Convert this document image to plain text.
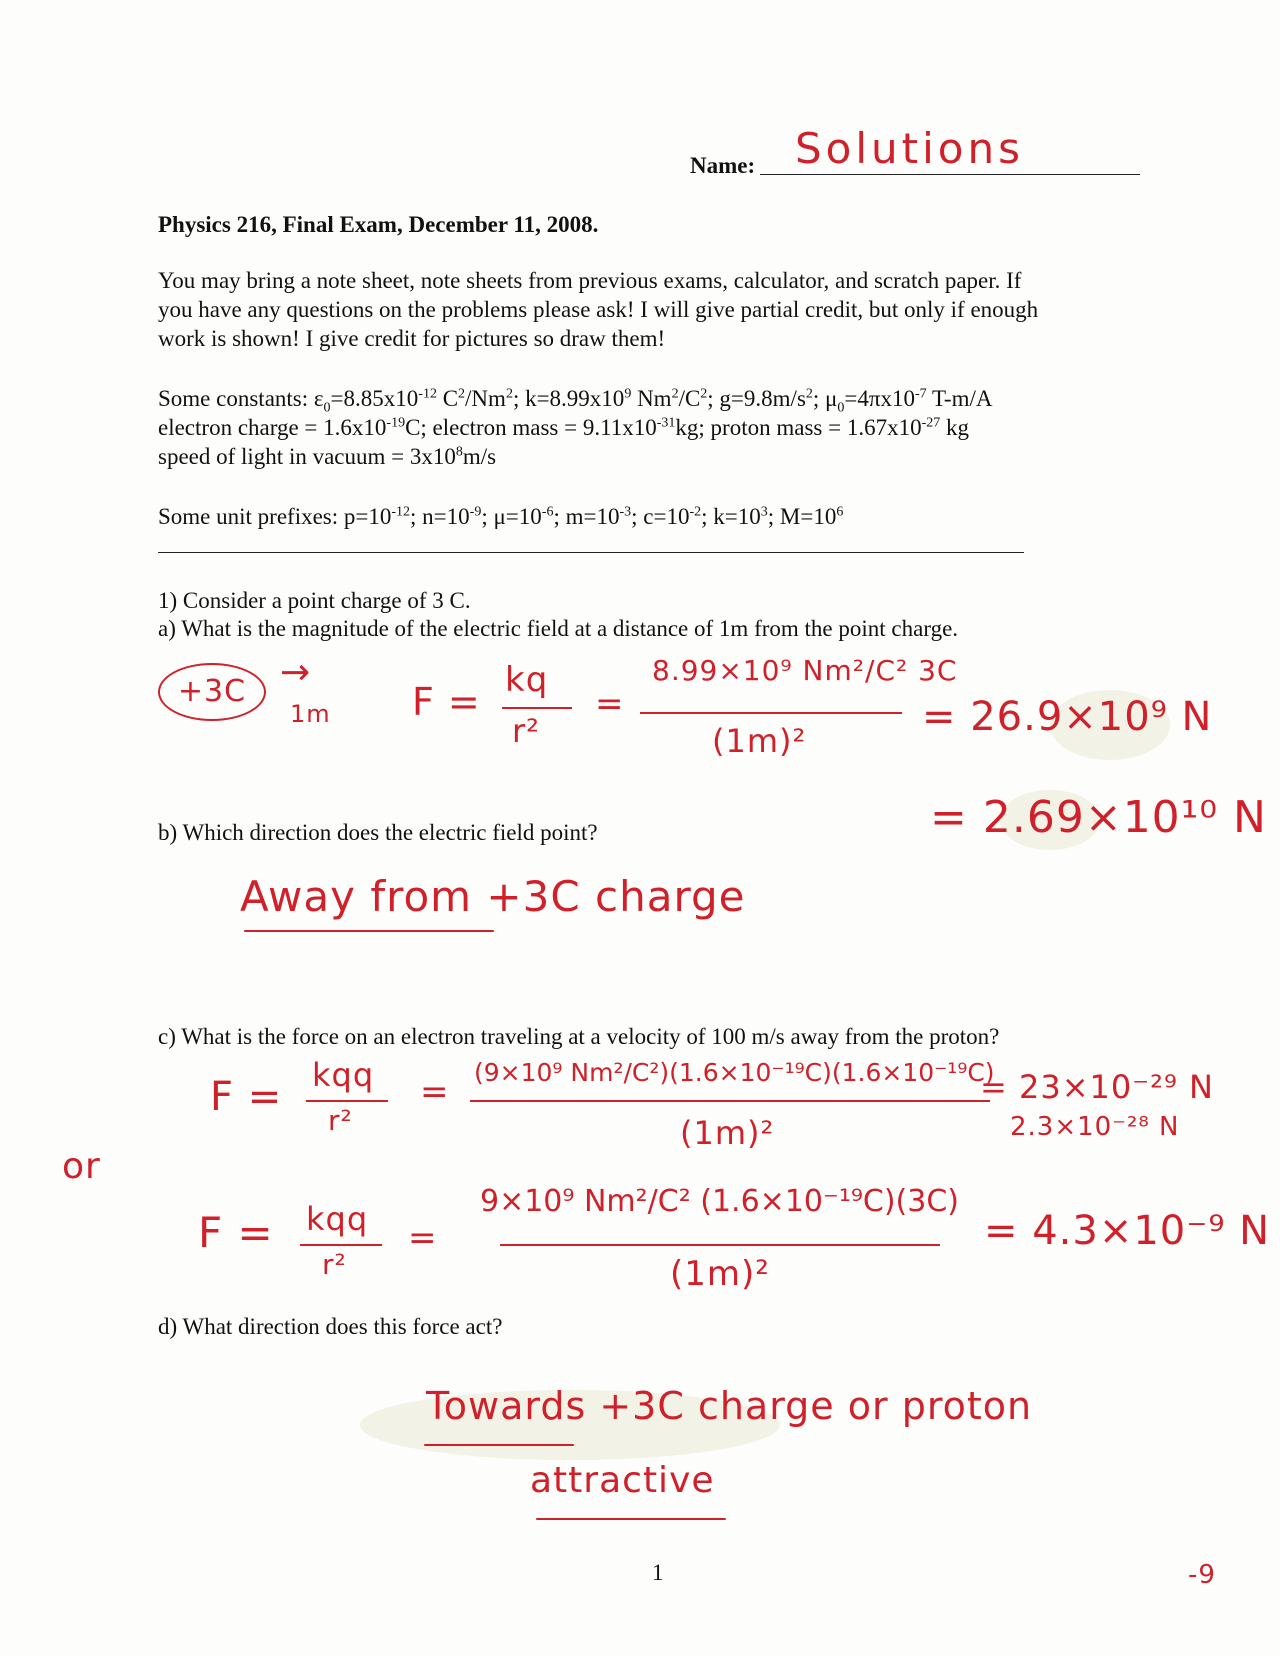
Name: Solutions
Physics 216, Final Exam, December 11, 2008.
You may bring a note sheet, note sheets from previous exams, calculator, and scratch paper. If
you have any questions on the problems please ask! I will give partial credit, but only if enough
work is shown! I give credit for pictures so draw them!
Some constants: $\varepsilon_0=8.85x10^{-12}$ $C^2/Nm^2$; $k=8.99x10^9$ $Nm^2/C^2$; $g=9.8m/s^2$; $\mu_0=4\pi x10^{-7}$ T-m/A
electron charge = $1.6x10^{-19}C$; electron mass = $9.11x10^{-31}kg$; proton mass = $1.67x10^{-27}$ kg
speed of light in vacuum = $3x10^8m/s$
Some unit prefixes: $p=10^{-12}$; $n=10^{-9}$; $\mu=10^{-6}$; $m=10^{-3}$; $c=10^{-2}$; $k=10^3$; $M=10^6$
1) Consider a point charge of 3 C.
a) What is the magnitude of the electric field at a distance of 1m from the point charge.
+3C →
1m F = kq
r²
=
8.99×10⁹ Nm²/C² 3C
(1m)²
= 26.9×10⁹ N
= 2.69×10¹⁰ N
b) Which direction does the electric field point?
Away from +3C charge
c) What is the force on an electron traveling at a velocity of 100 m/s away from the proton?
F = kqq
r²
= (9×10⁹ Nm²/C²)(1.6×10⁻¹⁹C)(1.6×10⁻¹⁹C)
(1m)²
= 23×10⁻²⁹ N
2.3×10⁻²⁸ N
or
F = kqq
r²
=
9×10⁹ Nm²/C² (1.6×10⁻¹⁹C)(3C)
(1m)²
= 4.3×10⁻⁹ N
d) What direction does this force act?
Towards +3C charge or proton
attractive
1	-9
